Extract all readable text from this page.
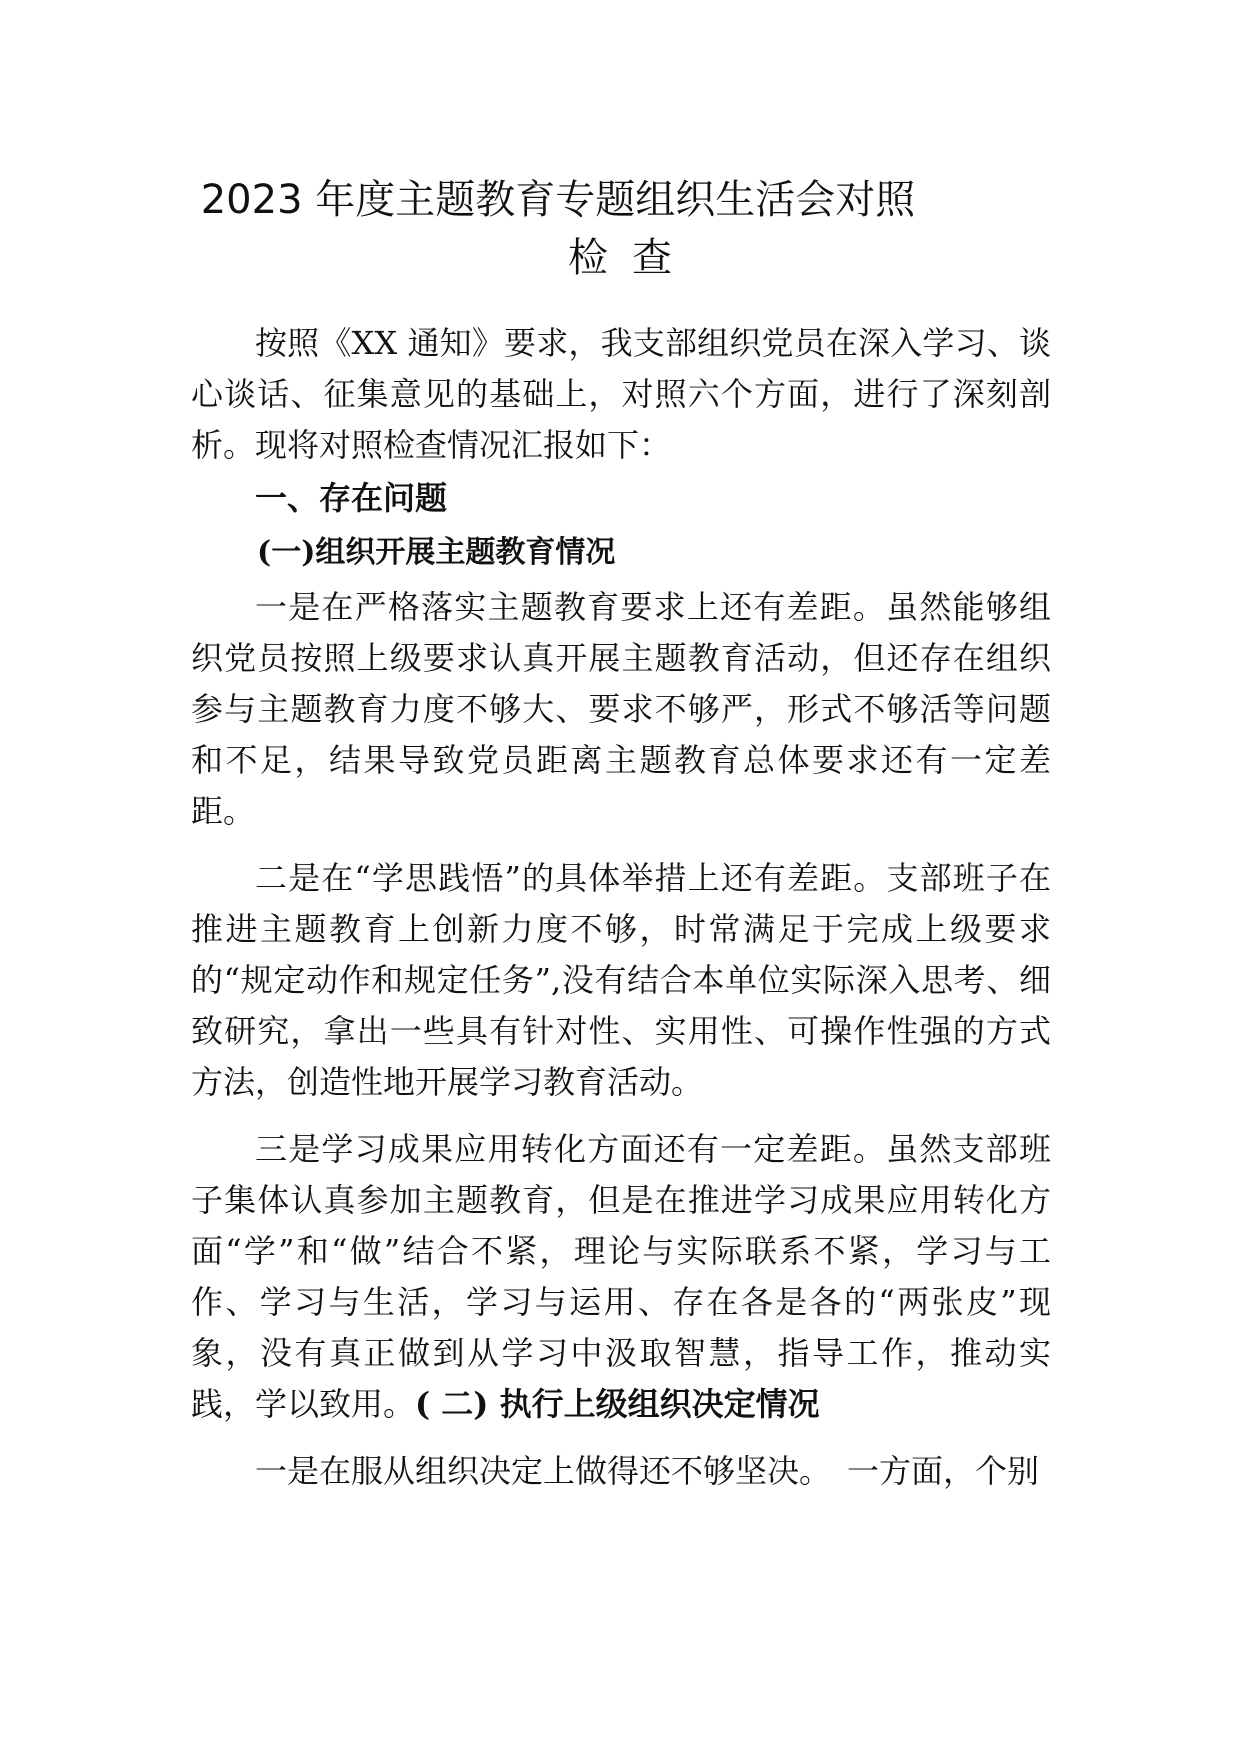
2023 年度主题教育专题组织生活会对照
检查

按照《XX 通知》要求，我支部组织党员在深入学习、谈心谈话、征集意见的基础上，对照六个方面，进行了深刻剖析。现将对照检查情况汇报如下：

一、存在问题
(一)组织开展主题教育情况

一是在严格落实主题教育要求上还有差距。虽然能够组织党员按照上级要求认真开展主题教育活动，但还存在组织参与主题教育力度不够大、要求不够严，形式不够活等问题和不足，结果导致党员距离主题教育总体要求还有一定差距。

二是在“学思践悟”的具体举措上还有差距。支部班子在推进主题教育上创新力度不够，时常满足于完成上级要求的“规定动作和规定任务”,没有结合本单位实际深入思考、细致研究，拿出一些具有针对性、实用性、可操作性强的方式方法，创造性地开展学习教育活动。

三是学习成果应用转化方面还有一定差距。虽然支部班子集体认真参加主题教育，但是在推进学习成果应用转化方面“学”和“做”结合不紧，理论与实际联系不紧，学习与工作、学习与生活，学习与运用、存在各是各的“两张皮”现象，没有真正做到从学习中汲取智慧，指导工作，推动实践，学以致用。( 二) 执行上级组织决定情况

一是在服从组织决定上做得还不够坚决。　一方面，个别
